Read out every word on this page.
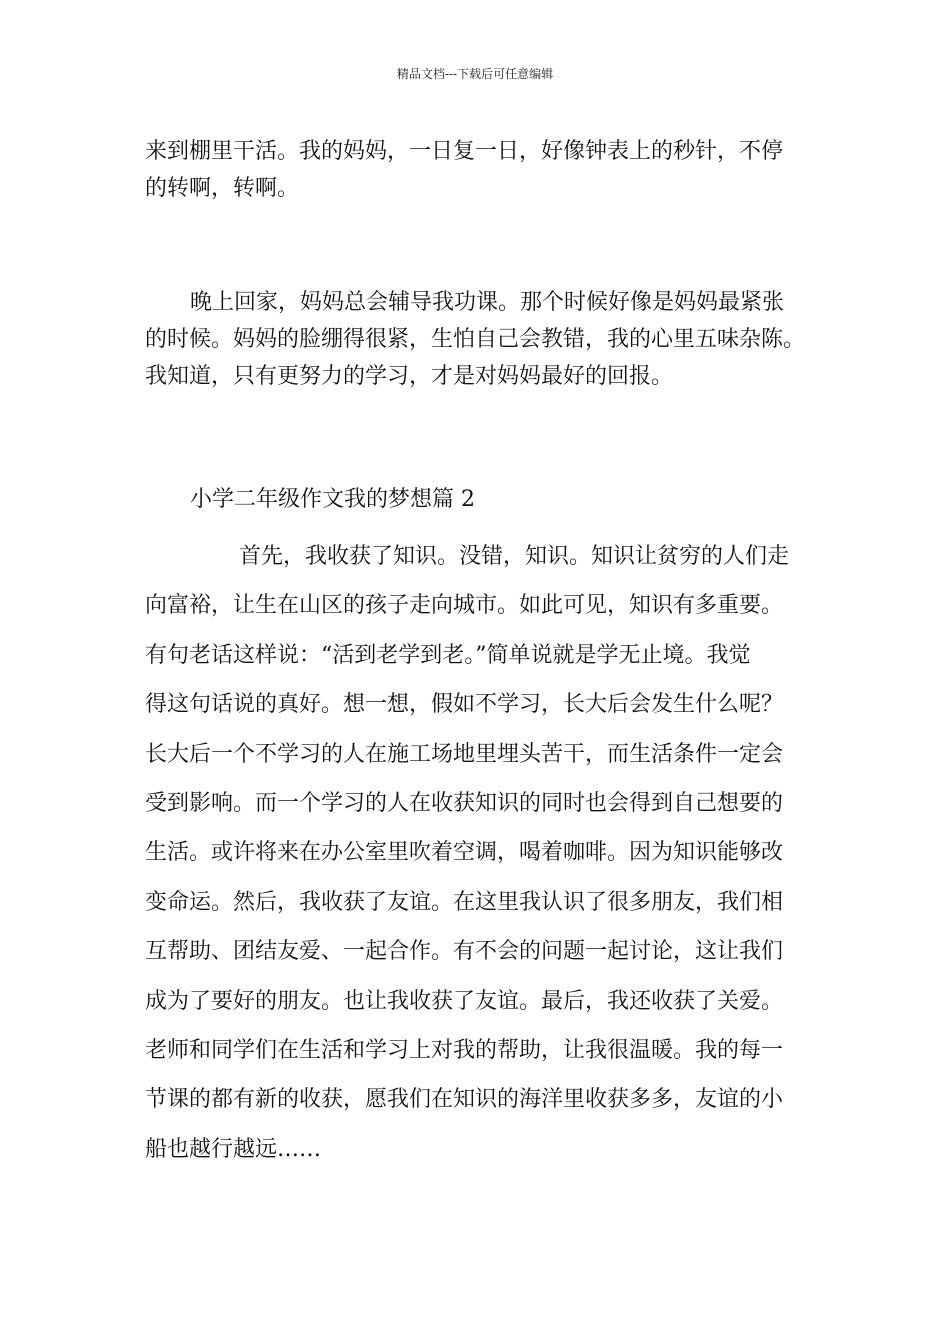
精品文档---下载后可任意编辑
来到棚里干活。我的妈妈，一日复一日，好像钟表上的秒针，不停
的转啊，转啊。
晚上回家，妈妈总会辅导我功课。那个时候好像是妈妈最紧张
的时候。妈妈的脸绷得很紧，生怕自己会教错，我的心里五味杂陈。
我知道，只有更努力的学习，才是对妈妈最好的回报。
小学二年级作文我的梦想篇 2
首先，我收获了知识。没错，知识。知识让贫穷的人们走
向富裕，让生在山区的孩子走向城市。如此可见，知识有多重要。
有句老话这样说：“活到老学到老。”简单说就是学无止境。我觉
得这句话说的真好。想一想，假如不学习，长大后会发生什么呢？
长大后一个不学习的人在施工场地里埋头苦干，而生活条件一定会
受到影响。而一个学习的人在收获知识的同时也会得到自己想要的
生活。或许将来在办公室里吹着空调，喝着咖啡。因为知识能够改
变命运。然后，我收获了友谊。在这里我认识了很多朋友，我们相
互帮助、团结友爱、一起合作。有不会的问题一起讨论，这让我们
成为了要好的朋友。也让我收获了友谊。最后，我还收获了关爱。
老师和同学们在生活和学习上对我的帮助，让我很温暖。我的每一
节课的都有新的收获，愿我们在知识的海洋里收获多多，友谊的小
船也越行越远……
